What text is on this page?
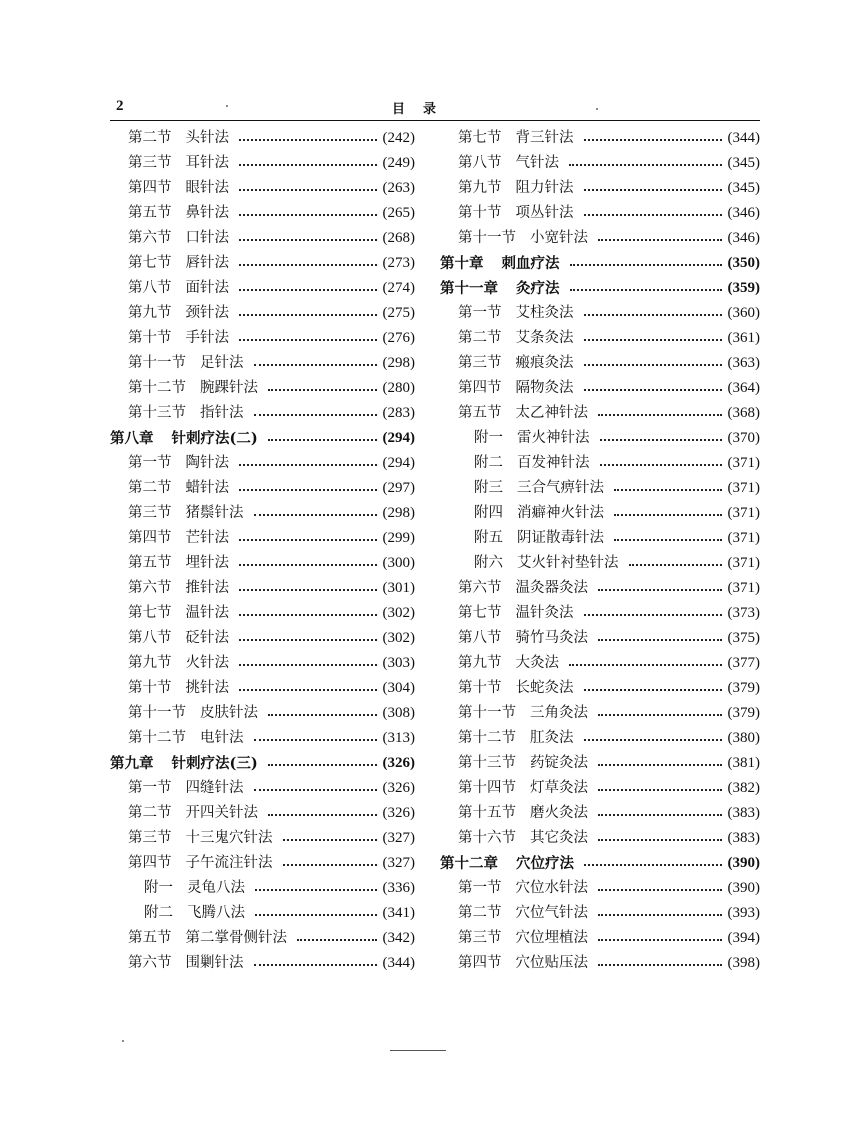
2	目录
第二节 头针法	(242)
第三节 耳针法	(249)
第四节 眼针法	(263)
第五节 鼻针法	(265)
第六节 口针法	(268)
第七节 唇针法	(273)
第八节 面针法	(274)
第九节 颈针法	(275)
第十节 手针法	(276)
第十一节 足针法	(298)
第十二节 腕踝针法	(280)
第十三节 指针法	(283)
第八章 针刺疗法(二)	(294)
第一节 陶针法	(294)
第二节 蜡针法	(297)
第三节 猪鬃针法	(298)
第四节 芒针法	(299)
第五节 埋针法	(300)
第六节 推针法	(301)
第七节 温针法	(302)
第八节 砭针法	(302)
第九节 火针法	(303)
第十节 挑针法	(304)
第十一节 皮肤针法	(308)
第十二节 电针法	(313)
第九章 针刺疗法(三)	(326)
第一节 四缝针法	(326)
第二节 开四关针法	(326)
第三节 十三鬼穴针法	(327)
第四节 子午流注针法	(327)
附一 灵龟八法	(336)
附二 飞腾八法	(341)
第五节 第二掌骨侧针法	(342)
第六节 围剿针法	(344)
第七节 背三针法	(344)
第八节 气针法	(345)
第九节 阻力针法	(345)
第十节 项丛针法	(346)
第十一节 小宽针法	(346)
第十章 刺血疗法	(350)
第十一章 灸疗法	(359)
第一节 艾柱灸法	(360)
第二节 艾条灸法	(361)
第三节 瘢痕灸法	(363)
第四节 隔物灸法	(364)
第五节 太乙神针法	(368)
附一 雷火神针法	(370)
附二 百发神针法	(371)
附三 三合气痹针法	(371)
附四 消癖神火针法	(371)
附五 阴证散毒针法	(371)
附六 艾火针衬垫针法	(371)
第六节 温灸器灸法	(371)
第七节 温针灸法	(373)
第八节 骑竹马灸法	(375)
第九节 大灸法	(377)
第十节 长蛇灸法	(379)
第十一节 三角灸法	(379)
第十二节 肛灸法	(380)
第十三节 药锭灸法	(381)
第十四节 灯草灸法	(382)
第十五节 磨火灸法	(383)
第十六节 其它灸法	(383)
第十二章 穴位疗法	(390)
第一节 穴位水针法	(390)
第二节 穴位气针法	(393)
第三节 穴位埋植法	(394)
第四节 穴位贴压法	(398)
